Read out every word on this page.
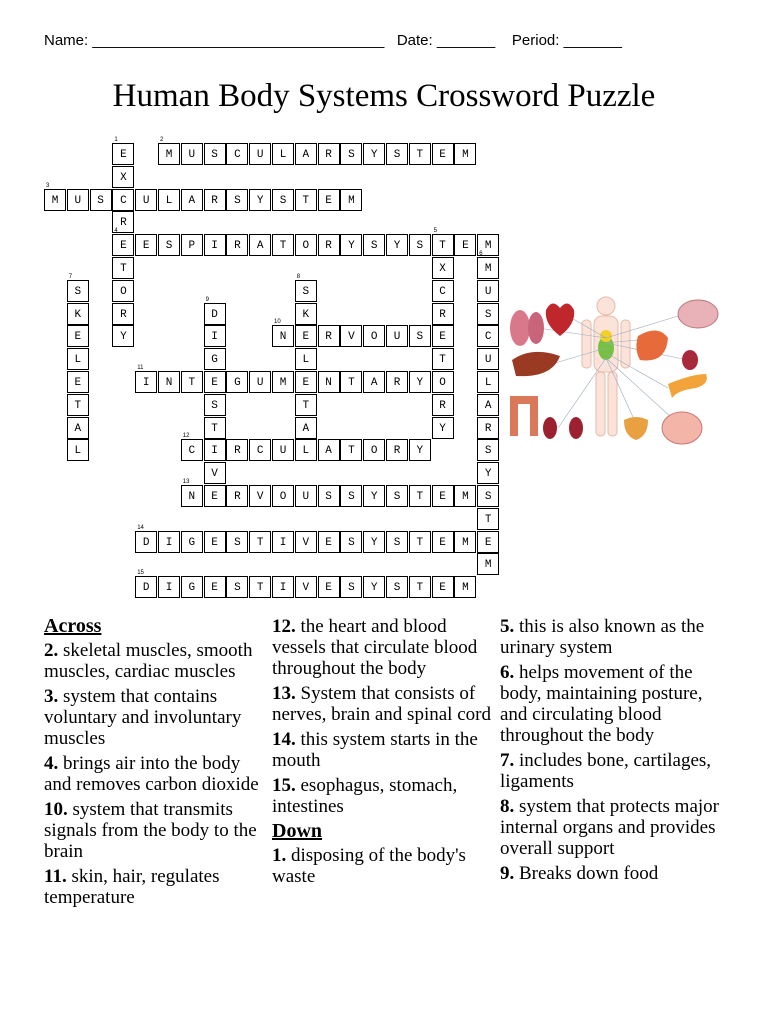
Name: ___________________________________   Date: _______    Period: _______
Human Body Systems Crossword Puzzle
E
1
X
C
R
E
4
T
O
R
Y
M
2
U	S	C	U	L	A	R	S	Y	S	T	E	M
M
3
U	S	U	L	A	R	S	Y	S	T	E	M
E	S	P	I	R	A	T	O	R	Y	S	Y	S	T
5
E	M
X
C
R
E
T
O
R
Y
M
6
U
S
C
U
L
A
R
S
Y
S
T
E
M
S
7
K
E
L
E
T
A
L
S
8
K
E
L
E
T
A
L
D
9
I
G
E
S
T
I
V
E
N
10
R	V	O	U	S
I
11
N	T	G	U	M	N	T	A	R	Y
C
12
R	C	U	A	T	O	R	Y
N
13
R	V	O	U	S	S	Y	S	T	E	M
D
14
I	G	E	S	T	I	V	E	S	Y	S	T	E	M
D
15
I	G	E	S	T	I	V	E	S	Y	S	T	E	M
Across
2. skeletal muscles, smooth muscles, cardiac muscles
3. system that contains voluntary and involuntary muscles
4. brings air into the body and removes carbon dioxide
10. system that transmits signals from the body to the brain
11. skin, hair, regulates temperature
12. the heart and blood vessels that circulate blood throughout the body
13. System that consists of nerves, brain and spinal cord
14. this system starts in the mouth
15. esophagus, stomach, intestines
Down
1. disposing of the body's waste
5. this is also known as the urinary system
6. helps movement of the body, maintaining posture, and circulating blood throughout the body
7. includes bone, cartilages, ligaments
8. system that protects major internal organs and provides overall support
9. Breaks down food
